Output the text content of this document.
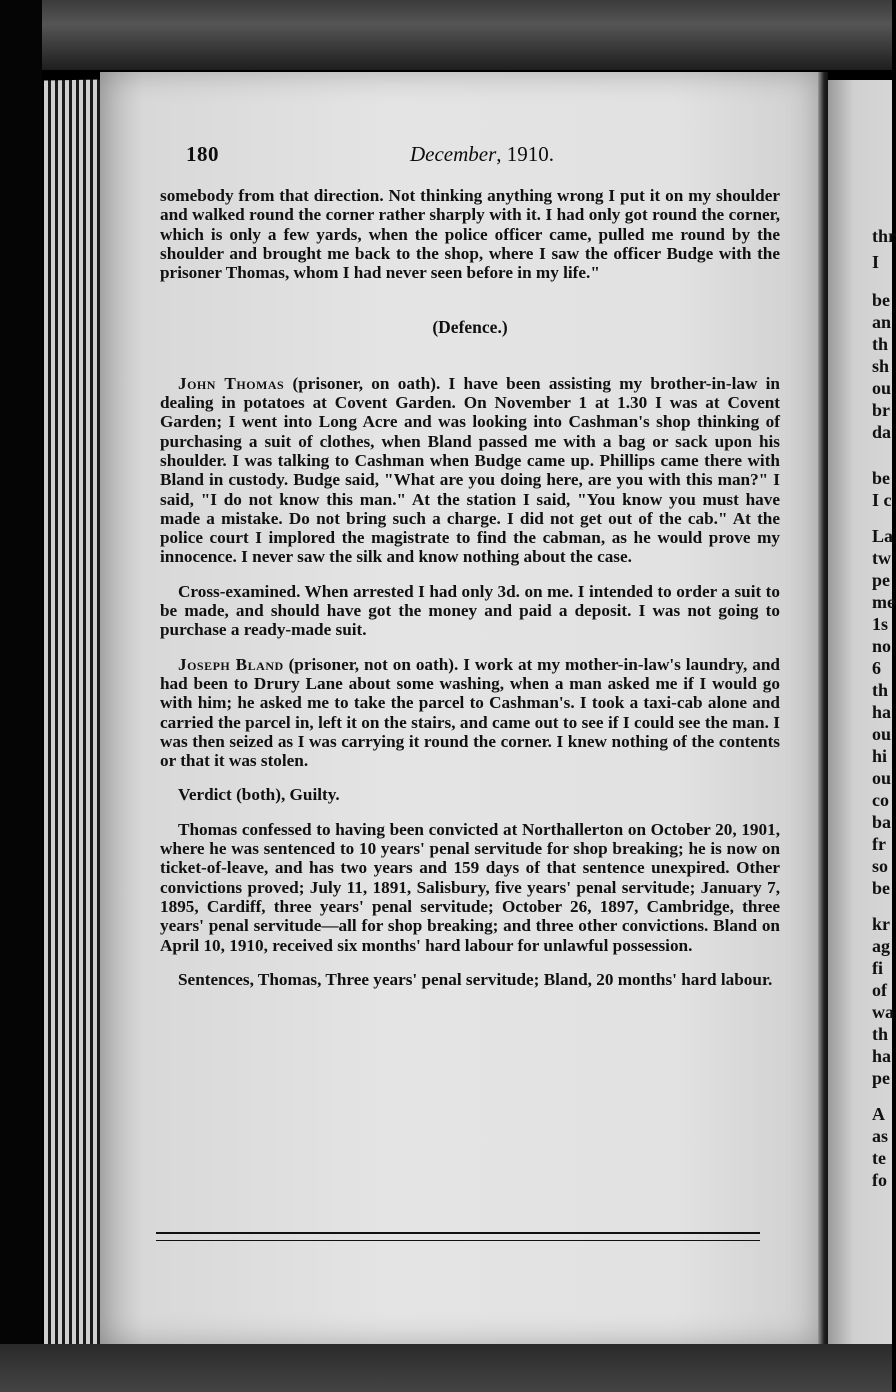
thr
I
be
an
th
sh
ou
br
da
be
I c
La
tw
pe
me
1s
no
6
th
ha
ou
hi
ou
co
ba
fr
so
be
kr
ag
fi
of
wa
th
ha
pe
A
as
te
fo
180	December, 1910.

somebody from that direction. Not thinking anything wrong I put it on my shoulder and walked round the corner rather sharply with it. I had only got round the corner, which is only a few yards, when the police officer came, pulled me round by the shoulder and brought me back to the shop, where I saw the officer Budge with the prisoner Thomas, whom I had never seen before in my life."

(Defence.)

John Thomas (prisoner, on oath). I have been assisting my brother-in-law in dealing in potatoes at Covent Garden. On November 1 at 1.30 I was at Covent Garden; I went into Long Acre and was looking into Cashman's shop thinking of purchasing a suit of clothes, when Bland passed me with a bag or sack upon his shoulder. I was talking to Cashman when Budge came up. Phillips came there with Bland in custody. Budge said, "What are you doing here, are you with this man?" I said, "I do not know this man." At the station I said, "You know you must have made a mistake. Do not bring such a charge. I did not get out of the cab." At the police court I implored the magistrate to find the cabman, as he would prove my innocence. I never saw the silk and know nothing about the case.

Cross-examined. When arrested I had only 3d. on me. I intended to order a suit to be made, and should have got the money and paid a deposit. I was not going to purchase a ready-made suit.

Joseph Bland (prisoner, not on oath). I work at my mother-in-law's laundry, and had been to Drury Lane about some washing, when a man asked me if I would go with him; he asked me to take the parcel to Cashman's. I took a taxi-cab alone and carried the parcel in, left it on the stairs, and came out to see if I could see the man. I was then seized as I was carrying it round the corner. I knew nothing of the contents or that it was stolen.

Verdict (both), Guilty.

Thomas confessed to having been convicted at Northallerton on October 20, 1901, where he was sentenced to 10 years' penal servitude for shop breaking; he is now on ticket-of-leave, and has two years and 159 days of that sentence unexpired. Other convictions proved; July 11, 1891, Salisbury, five years' penal servitude; January 7, 1895, Cardiff, three years' penal servitude; October 26, 1897, Cambridge, three years' penal servitude—all for shop breaking; and three other convictions. Bland on April 10, 1910, received six months' hard labour for unlawful possession.

Sentences, Thomas, Three years' penal servitude; Bland, 20 months' hard labour.
